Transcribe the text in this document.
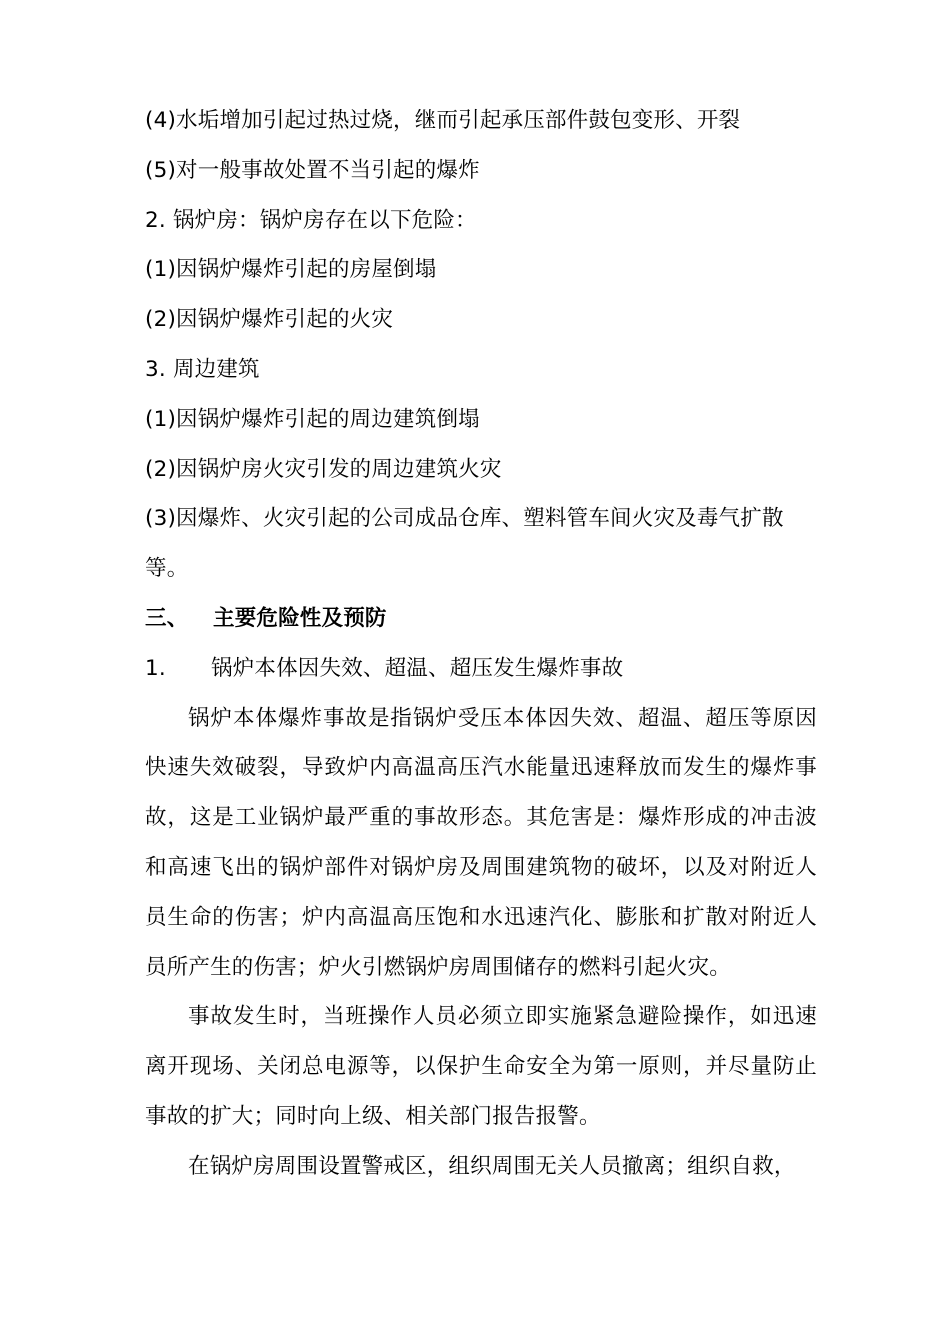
(4)水垢增加引起过热过烧，继而引起承压部件鼓包变形、开裂
(5)对一般事故处置不当引起的爆炸
2. 锅炉房：锅炉房存在以下危险：
(1)因锅炉爆炸引起的房屋倒塌
(2)因锅炉爆炸引起的火灾
3. 周边建筑
(1)因锅炉爆炸引起的周边建筑倒塌
(2)因锅炉房火灾引发的周边建筑火灾
(3)因爆炸、火灾引起的公司成品仓库、塑料管车间火灾及毒气扩散
等。
三、 主要危险性及预防
1. 锅炉本体因失效、超温、超压发生爆炸事故

锅炉本体爆炸事故是指锅炉受压本体因失效、超温、超压等原因快速失效破裂，导致炉内高温高压汽水能量迅速释放而发生的爆炸事故，这是工业锅炉最严重的事故形态。其危害是：爆炸形成的冲击波和高速飞出的锅炉部件对锅炉房及周围建筑物的破坏，以及对附近人员生命的伤害；炉内高温高压饱和水迅速汽化、膨胀和扩散对附近人员所产生的伤害；炉火引燃锅炉房周围储存的燃料引起火灾。

事故发生时，当班操作人员必须立即实施紧急避险操作，如迅速离开现场、关闭总电源等，以保护生命安全为第一原则，并尽量防止事故的扩大；同时向上级、相关部门报告报警。

在锅炉房周围设置警戒区，组织周围无关人员撤离；组织自救，
